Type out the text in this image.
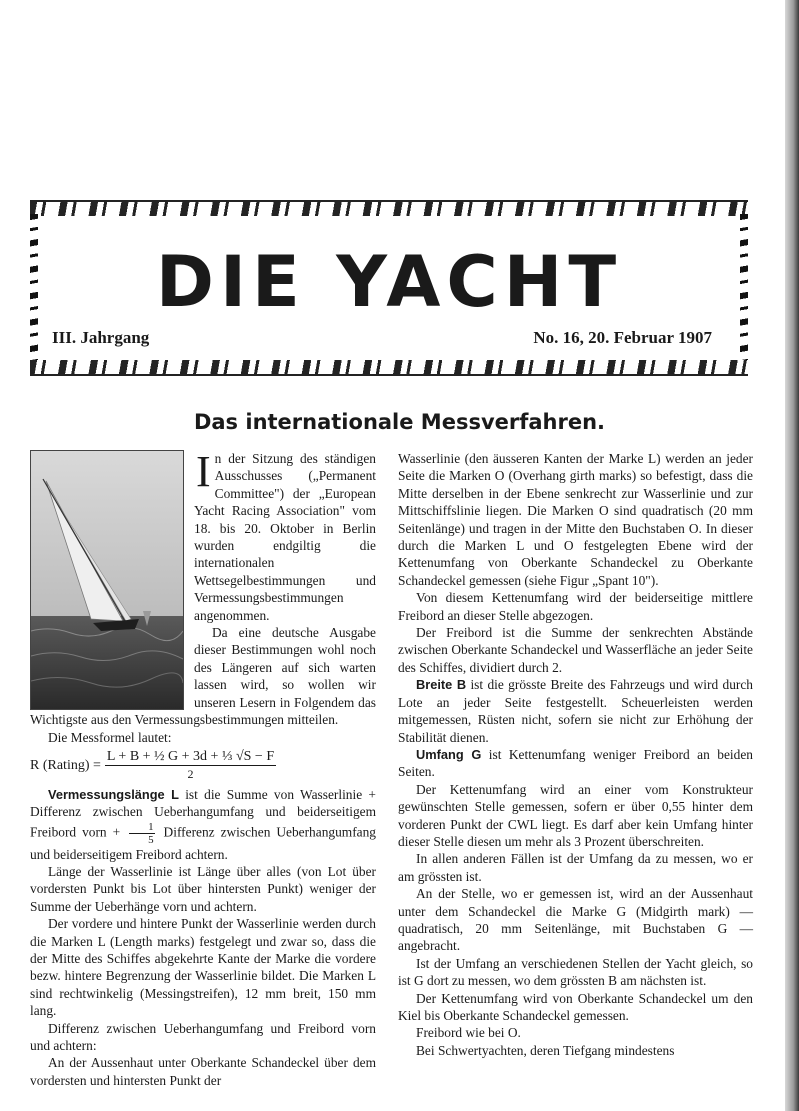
DIE YACHT
III. Jahrgang	No. 16, 20. Februar 1907
Das internationale Messverfahren.

In der Sitzung des ständigen Ausschusses („Permanent Committee") der „European Yacht Racing Association" vom 18. bis 20. Oktober in Berlin wurden endgiltig die internationalen Wettsegelbestimmungen und Vermessungsbestimmungen angenommen.

Da eine deutsche Ausgabe dieser Bestimmungen wohl noch des Längeren auf sich warten lassen wird, so wollen wir unseren Lesern in Folgendem das Wichtigste aus den Vermessungsbestimmungen mitteilen.

Die Messformel lautet:

R (Rating) = $\frac{\text{L + B + ½ G + 3d + ⅓ √S − F}}{2}$

Vermessungslänge L ist die Summe von Wasserlinie + Differenz zwischen Ueberhangumfang und beiderseitigem Freibord vorn + $\frac{1}{5}$ Differenz zwischen Ueberhangumfang und beiderseitigem Freibord achtern.

Länge der Wasserlinie ist Länge über alles (von Lot über vordersten Punkt bis Lot über hintersten Punkt) weniger der Summe der Ueberhänge vorn und achtern.

Der vordere und hintere Punkt der Wasserlinie werden durch die Marken L (Length marks) festgelegt und zwar so, dass die der Mitte des Schiffes abgekehrte Kante der Marke die vordere bezw. hintere Begrenzung der Wasserlinie bildet. Die Marken L sind rechtwinkelig (Messingstreifen), 12 mm breit, 150 mm lang.

Differenz zwischen Ueberhangumfang und Freibord vorn und achtern:

An der Aussenhaut unter Oberkante Schandeckel über dem vordersten und hintersten Punkt der

Wasserlinie (den äusseren Kanten der Marke L) werden an jeder Seite die Marken O (Overhang girth marks) so befestigt, dass die Mitte derselben in der Ebene senkrecht zur Wasserlinie und zur Mittschiffslinie liegen. Die Marken O sind quadratisch (20 mm Seitenlänge) und tragen in der Mitte den Buchstaben O. In dieser durch die Marken L und O festgelegten Ebene wird der Kettenumfang von Oberkante Schandeckel zu Oberkante Schandeckel gemessen (siehe Figur „Spant 10").

Von diesem Kettenumfang wird der beiderseitige mittlere Freibord an dieser Stelle abgezogen.

Der Freibord ist die Summe der senkrechten Abstände zwischen Oberkante Schandeckel und Wasserfläche an jeder Seite des Schiffes, dividiert durch 2.

Breite B ist die grösste Breite des Fahrzeugs und wird durch Lote an jeder Seite festgestellt. Scheuerleisten werden mitgemessen, Rüsten nicht, sofern sie nicht zur Erhöhung der Stabilität dienen.

Umfang G ist Kettenumfang weniger Freibord an beiden Seiten.

Der Kettenumfang wird an einer vom Konstrukteur gewünschten Stelle gemessen, sofern er über 0,55 hinter dem vorderen Punkt der CWL liegt. Es darf aber kein Umfang hinter dieser Stelle diesen um mehr als 3 Prozent überschreiten.

In allen anderen Fällen ist der Umfang da zu messen, wo er am grössten ist.

An der Stelle, wo er gemessen ist, wird an der Aussenhaut unter dem Schandeckel die Marke G (Midgirth mark) — quadratisch, 20 mm Seitenlänge, mit Buchstaben G — angebracht.

Ist der Umfang an verschiedenen Stellen der Yacht gleich, so ist G dort zu messen, wo dem grössten B am nächsten ist.

Der Kettenumfang wird von Oberkante Schandeckel um den Kiel bis Oberkante Schandeckel gemessen.

Freibord wie bei O.

Bei Schwertyachten, deren Tiefgang mindestens
